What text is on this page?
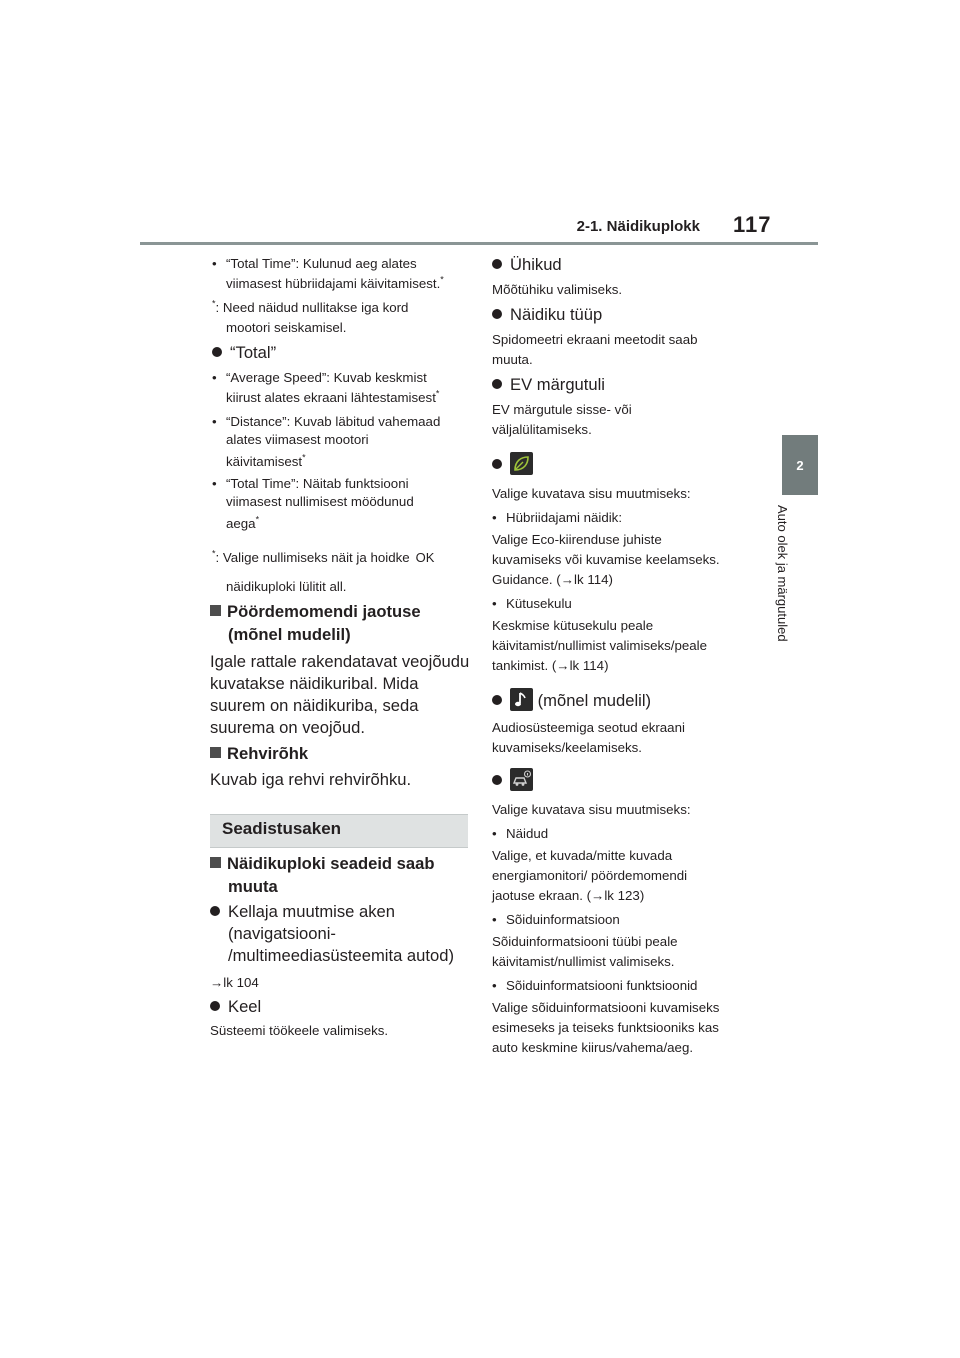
2-1. Näidikuplokk 117
2
Auto olek ja märgutuled
• “Total Time”: Kulunud aeg alates
viimasest hübriidajami käivitamisest.*
*: Need näidud nullitakse iga kord
mootori seiskamisel.
“Total”
• “Average Speed”: Kuvab keskmist
kiirust alates ekraani lähtestamisest*
• “Distance”: Kuvab läbitud vahemaad
alates viimasest mootori
käivitamisest*
• “Total Time”: Näitab funktsiooni
viimasest nullimisest möödunud
aega*
*: Valige nullimiseks näit ja hoidke OK
näidikuploki lülitit all.
Pöördemomendi jaotuse
(mõnel mudelil)
Igale rattale rakendatavat veojõudu
kuvatakse näidikuribal. Mida
suurem on näidikuriba, seda
suurema on veojõud.
Rehvirõhk
Kuvab iga rehvi rehvirõhku.
Seadistusaken
Näidikuploki seadeid saab
muuta
Kellaja muutmise aken
(navigatsiooni-
/multimeediasüsteemita autod)
→lk 104
Keel
Süsteemi töökeele valimiseks.
Ühikud
Mõõtühiku valimiseks.
Näidiku tüüp
Spidomeetri ekraani meetodit saab
muuta.
EV märgutuli
EV märgutule sisse- või
väljalülitamiseks.
Valige kuvatava sisu muutmiseks:
• Hübriidajami näidik:
Valige Eco-kiirenduse juhiste
kuvamiseks või kuvamise keelamseks.
Guidance. (→lk 114)
• Kütusekulu
Keskmise kütusekulu peale
käivitamist/nullimist valimiseks/peale
tankimist. (→lk 114)
(mõnel mudelil)
Audiosüsteemiga seotud ekraani
kuvamiseks/keelamiseks.
Valige kuvatava sisu muutmiseks:
• Näidud
Valige, et kuvada/mitte kuvada
energiamonitori/ pöördemomendi
jaotuse ekraan. (→lk 123)
• Sõiduinformatsioon
Sõiduinformatsiooni tüübi peale
käivitamist/nullimist valimiseks.
• Sõiduinformatsiooni funktsioonid
Valige sõiduinformatsiooni kuvamiseks
esimeseks ja teiseks funktsiooniks kas
auto keskmine kiirus/vahema/aeg.
